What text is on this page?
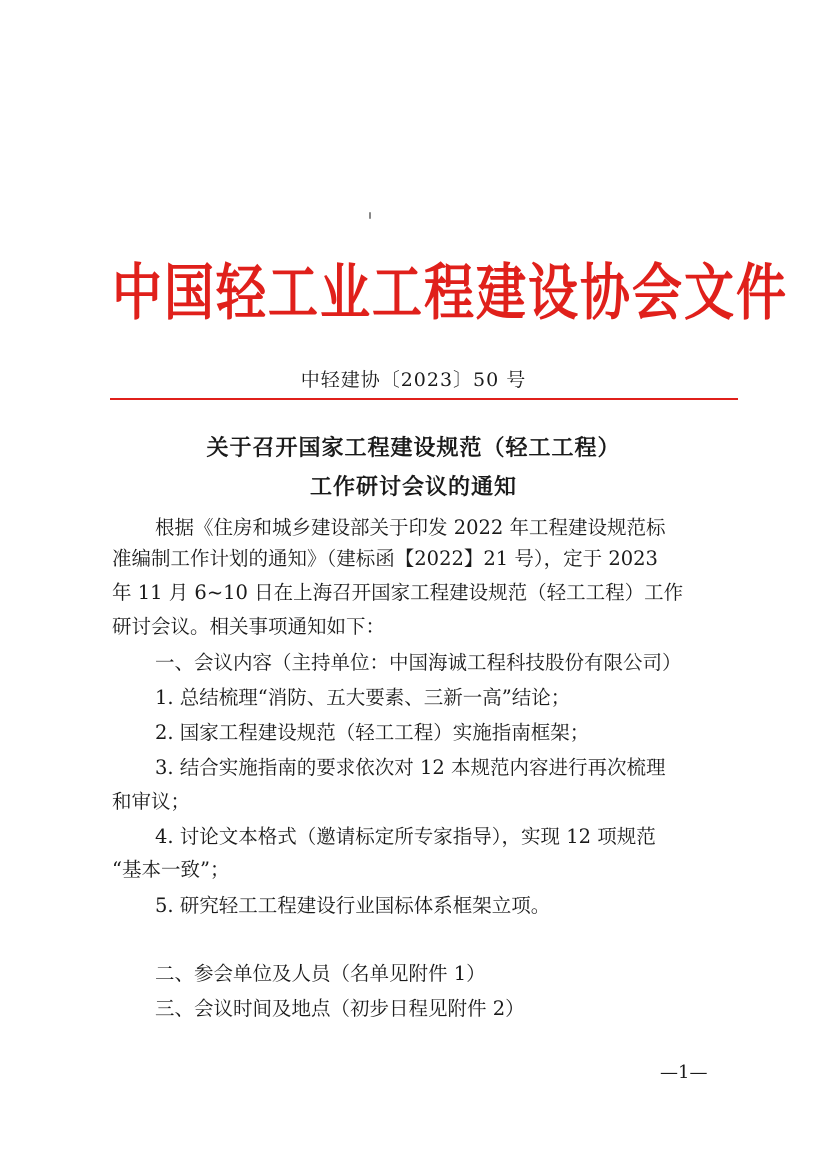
中国轻工业工程建设协会文件
中轻建协〔2023〕50 号
关于召开国家工程建设规范（轻工工程）
工作研讨会议的通知
根据《住房和城乡建设部关于印发 2022 年工程建设规范标
准编制工作计划的通知》（建标函【2022】21 号），定于 2023
年 11 月 6~10 日在上海召开国家工程建设规范（轻工工程）工作
研讨会议。相关事项通知如下：
一、会议内容（主持单位：中国海诚工程科技股份有限公司）
1. 总结梳理“消防、五大要素、三新一高”结论；
2. 国家工程建设规范（轻工工程）实施指南框架；
3. 结合实施指南的要求依次对 12 本规范内容进行再次梳理
和审议；
4. 讨论文本格式（邀请标定所专家指导），实现 12 项规范
“基本一致”；
5. 研究轻工工程建设行业国标体系框架立项。
二、参会单位及人员（名单见附件 1）
三、会议时间及地点（初步日程见附件 2）
—1—
